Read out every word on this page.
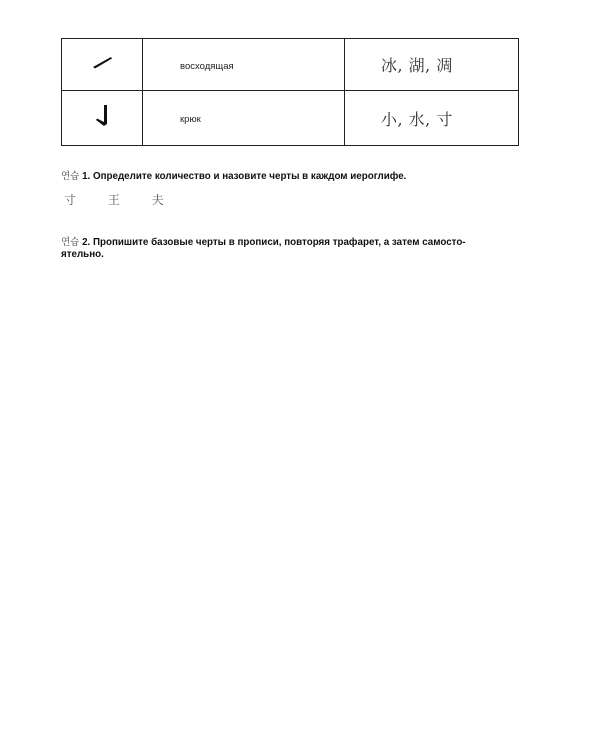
	восходящая	冰, 湖, 凋
	крюк	小, 水, 寸
연습 1. Определите количество и назовите черты в каждом иероглифе.
寸	王	夫
연습 2. Пропишите базовые черты в прописи, повторяя трафарет, а затем самосто-
ятельно.
